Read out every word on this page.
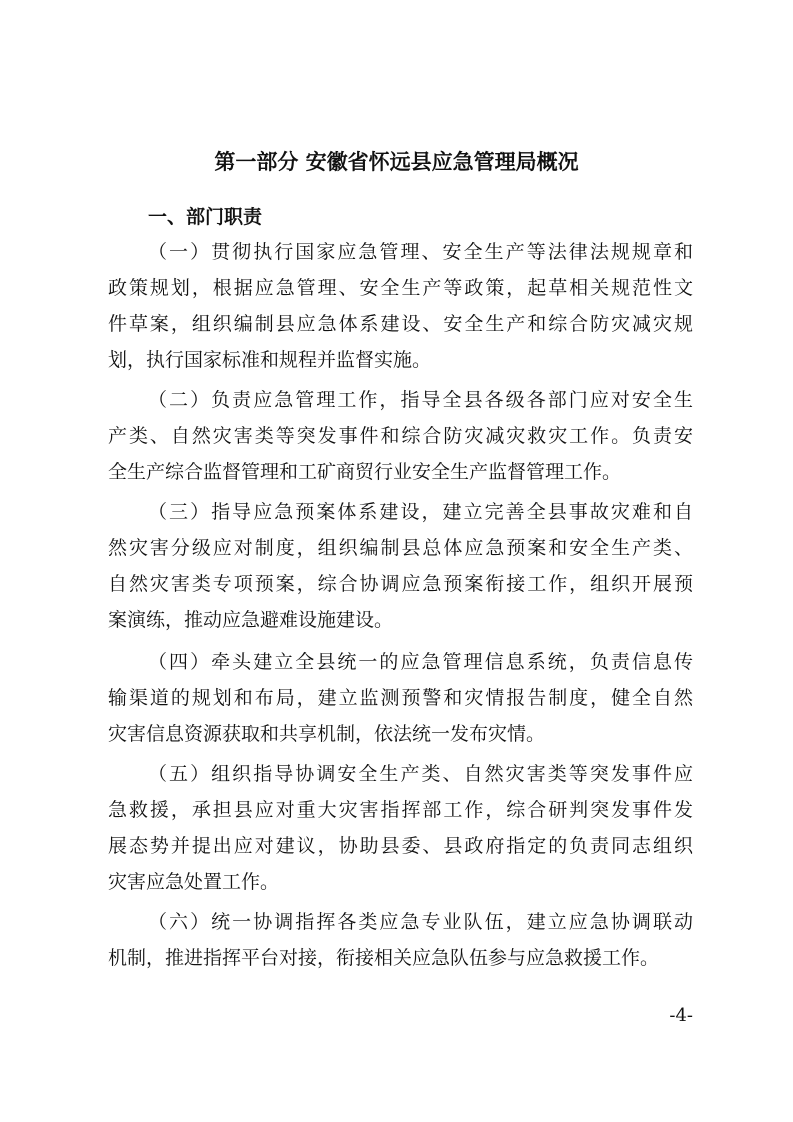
第一部分 安徽省怀远县应急管理局概况
一、部门职责
（一）贯彻执行国家应急管理、安全生产等法律法规规章和
政策规划，根据应急管理、安全生产等政策，起草相关规范性文
件草案，组织编制县应急体系建设、安全生产和综合防灾减灾规
划，执行国家标准和规程并监督实施。
（二）负责应急管理工作，指导全县各级各部门应对安全生
产类、自然灾害类等突发事件和综合防灾减灾救灾工作。负责安
全生产综合监督管理和工矿商贸行业安全生产监督管理工作。
（三）指导应急预案体系建设，建立完善全县事故灾难和自
然灾害分级应对制度，组织编制县总体应急预案和安全生产类、
自然灾害类专项预案，综合协调应急预案衔接工作，组织开展预
案演练，推动应急避难设施建设。
（四）牵头建立全县统一的应急管理信息系统，负责信息传
输渠道的规划和布局，建立监测预警和灾情报告制度，健全自然
灾害信息资源获取和共享机制，依法统一发布灾情。
（五）组织指导协调安全生产类、自然灾害类等突发事件应
急救援，承担县应对重大灾害指挥部工作，综合研判突发事件发
展态势并提出应对建议，协助县委、县政府指定的负责同志组织
灾害应急处置工作。
（六）统一协调指挥各类应急专业队伍，建立应急协调联动
机制，推进指挥平台对接，衔接相关应急队伍参与应急救援工作。
-4-
